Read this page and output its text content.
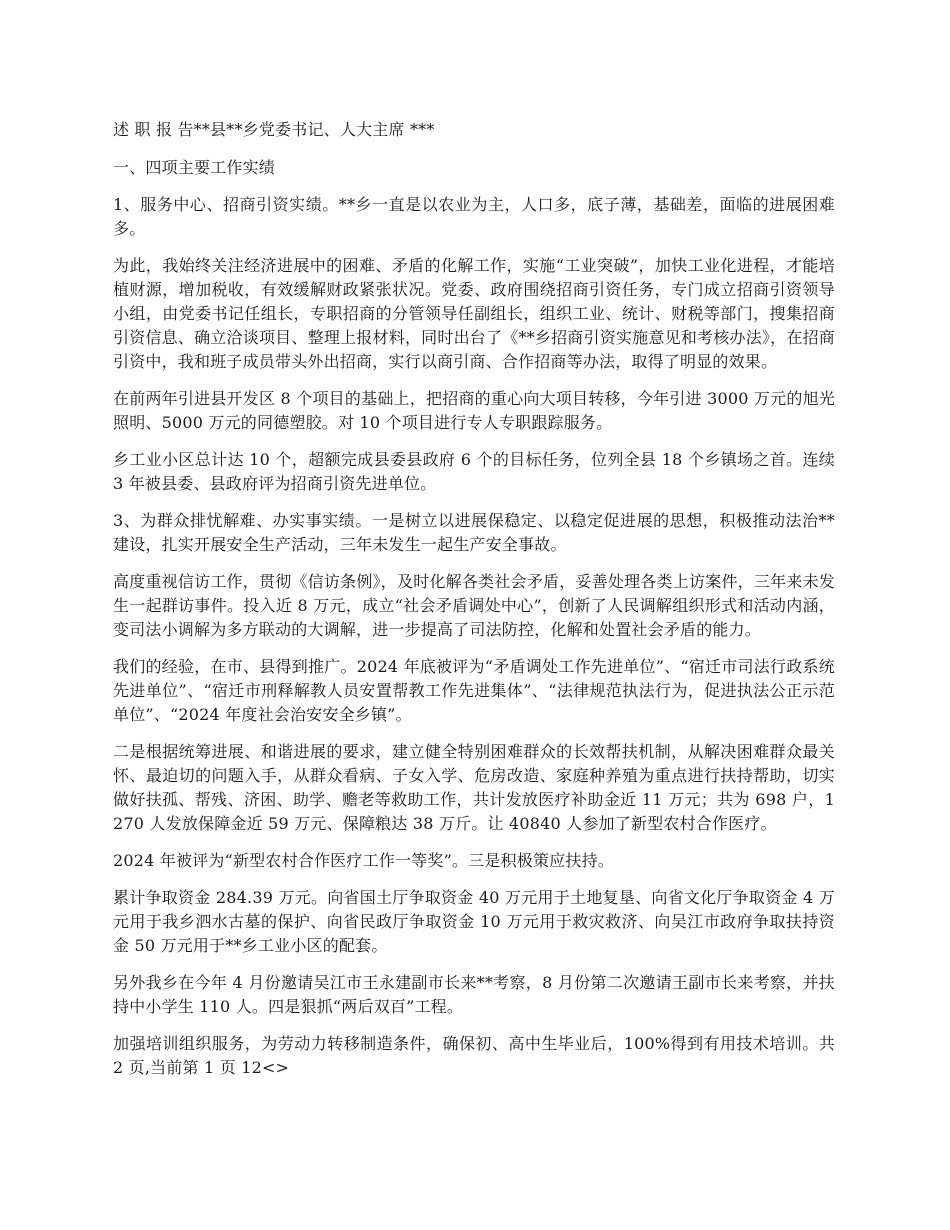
述 职 报 告**县**乡党委书记、人大主席 ***

一、四项主要工作实绩

1、服务中心、招商引资实绩。**乡一直是以农业为主，人口多，底子薄，基础差，面临的进展困难多。

为此，我始终关注经济进展中的困难、矛盾的化解工作，实施“工业突破”，加快工业化进程，才能培植财源，增加税收，有效缓解财政紧张状况。党委、政府围绕招商引资任务，专门成立招商引资领导小组，由党委书记任组长，专职招商的分管领导任副组长，组织工业、统计、财税等部门，搜集招商引资信息、确立洽谈项目、整理上报材料，同时出台了《**乡招商引资实施意见和考核办法》，在招商引资中，我和班子成员带头外出招商，实行以商引商、合作招商等办法，取得了明显的效果。

在前两年引进县开发区 8 个项目的基础上，把招商的重心向大项目转移，今年引进 3000 万元的旭光照明、5000 万元的同德塑胶。对 10 个项目进行专人专职跟踪服务。

乡工业小区总计达 10 个，超额完成县委县政府 6 个的目标任务，位列全县 18 个乡镇场之首。连续 3 年被县委、县政府评为招商引资先进单位。

3、为群众排忧解难、办实事实绩。一是树立以进展保稳定、以稳定促进展的思想，积极推动法治**建设，扎实开展安全生产活动，三年未发生一起生产安全事故。

高度重视信访工作，贯彻《信访条例》，及时化解各类社会矛盾，妥善处理各类上访案件，三年来未发生一起群访事件。投入近 8 万元，成立“社会矛盾调处中心”，创新了人民调解组织形式和活动内涵，变司法小调解为多方联动的大调解，进一步提高了司法防控，化解和处置社会矛盾的能力。

我们的经验，在市、县得到推广。2024 年底被评为“矛盾调处工作先进单位”、“宿迁市司法行政系统先进单位”、“宿迁市刑释解教人员安置帮教工作先进集体”、“法律规范执法行为，促进执法公正示范单位”、“2024 年度社会治安安全乡镇”。

二是根据统筹进展、和谐进展的要求，建立健全特别困难群众的长效帮扶机制，从解决困难群众最关怀、最迫切的问题入手，从群众看病、子女入学、危房改造、家庭种养殖为重点进行扶持帮助，切实做好扶孤、帮残、济困、助学、赡老等救助工作，共计发放医疗补助金近 11 万元；共为 698 户，1270 人发放保障金近 59 万元、保障粮达 38 万斤。让 40840 人参加了新型农村合作医疗。

2024 年被评为“新型农村合作医疗工作一等奖”。三是积极策应扶持。

累计争取资金 284.39 万元。向省国土厅争取资金 40 万元用于土地复垦、向省文化厅争取资金 4 万元用于我乡泗水古墓的保护、向省民政厅争取资金 10 万元用于救灾救济、向吴江市政府争取扶持资金 50 万元用于**乡工业小区的配套。

另外我乡在今年 4 月份邀请吴江市王永建副市长来**考察，8 月份第二次邀请王副市长来考察，并扶持中小学生 110 人。四是狠抓“两后双百”工程。

加强培训组织服务，为劳动力转移制造条件，确保初、高中生毕业后，100%得到有用技术培训。共 2 页,当前第 1 页 12<>
